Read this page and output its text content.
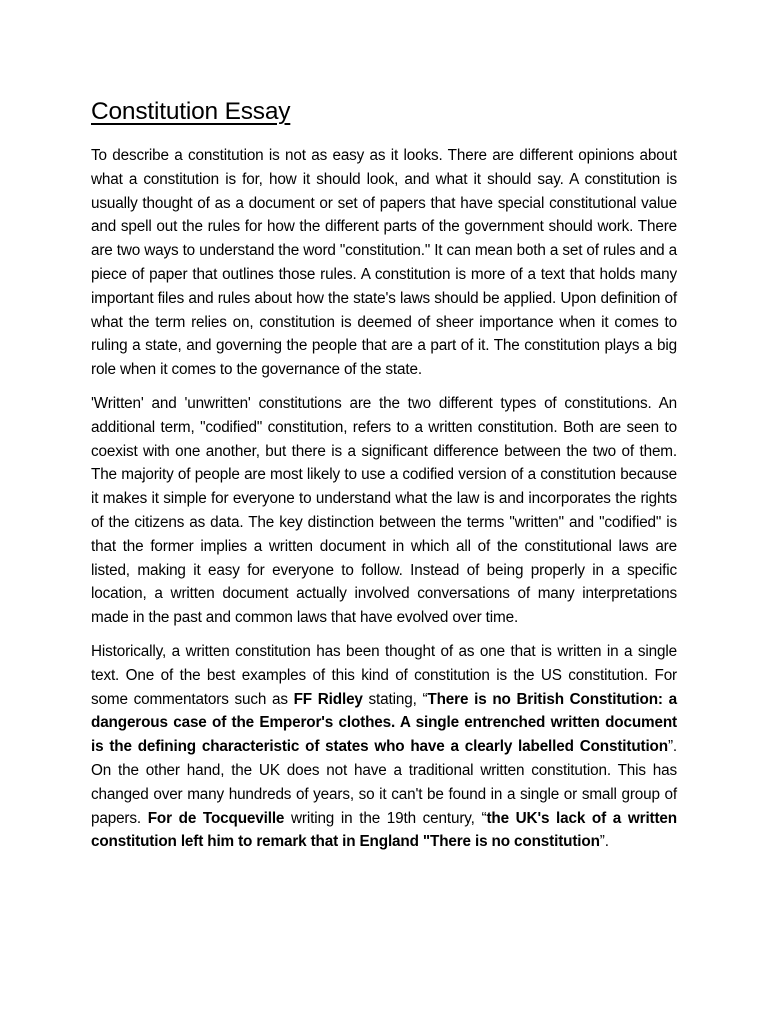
Constitution Essay

To describe a constitution is not as easy as it looks. There are different opinions about what a constitution is for, how it should look, and what it should say. A constitution is usually thought of as a document or set of papers that have special constitutional value and spell out the rules for how the different parts of the government should work. There are two ways to understand the word "constitution." It can mean both a set of rules and a piece of paper that outlines those rules. A constitution is more of a text that holds many important files and rules about how the state's laws should be applied. Upon definition of what the term relies on, constitution is deemed of sheer importance when it comes to ruling a state, and governing the people that are a part of it. The constitution plays a big role when it comes to the governance of the state.

'Written' and 'unwritten' constitutions are the two different types of constitutions. An additional term, "codified" constitution, refers to a written constitution. Both are seen to coexist with one another, but there is a significant difference between the two of them. The majority of people are most likely to use a codified version of a constitution because it makes it simple for everyone to understand what the law is and incorporates the rights of the citizens as data. The key distinction between the terms "written" and "codified" is that the former implies a written document in which all of the constitutional laws are listed, making it easy for everyone to follow. Instead of being properly in a specific location, a written document actually involved conversations of many interpretations made in the past and common laws that have evolved over time.

Historically, a written constitution has been thought of as one that is written in a single text. One of the best examples of this kind of constitution is the US constitution. For some commentators such as FF Ridley stating, “There is no British Constitution: a dangerous case of the Emperor's clothes. A single entrenched written document is the defining characteristic of states who have a clearly labelled Constitution”. On the other hand, the UK does not have a traditional written constitution. This has changed over many hundreds of years, so it can't be found in a single or small group of papers. For de Tocqueville writing in the 19th century, “the UK's lack of a written constitution left him to remark that in England "There is no constitution”.
